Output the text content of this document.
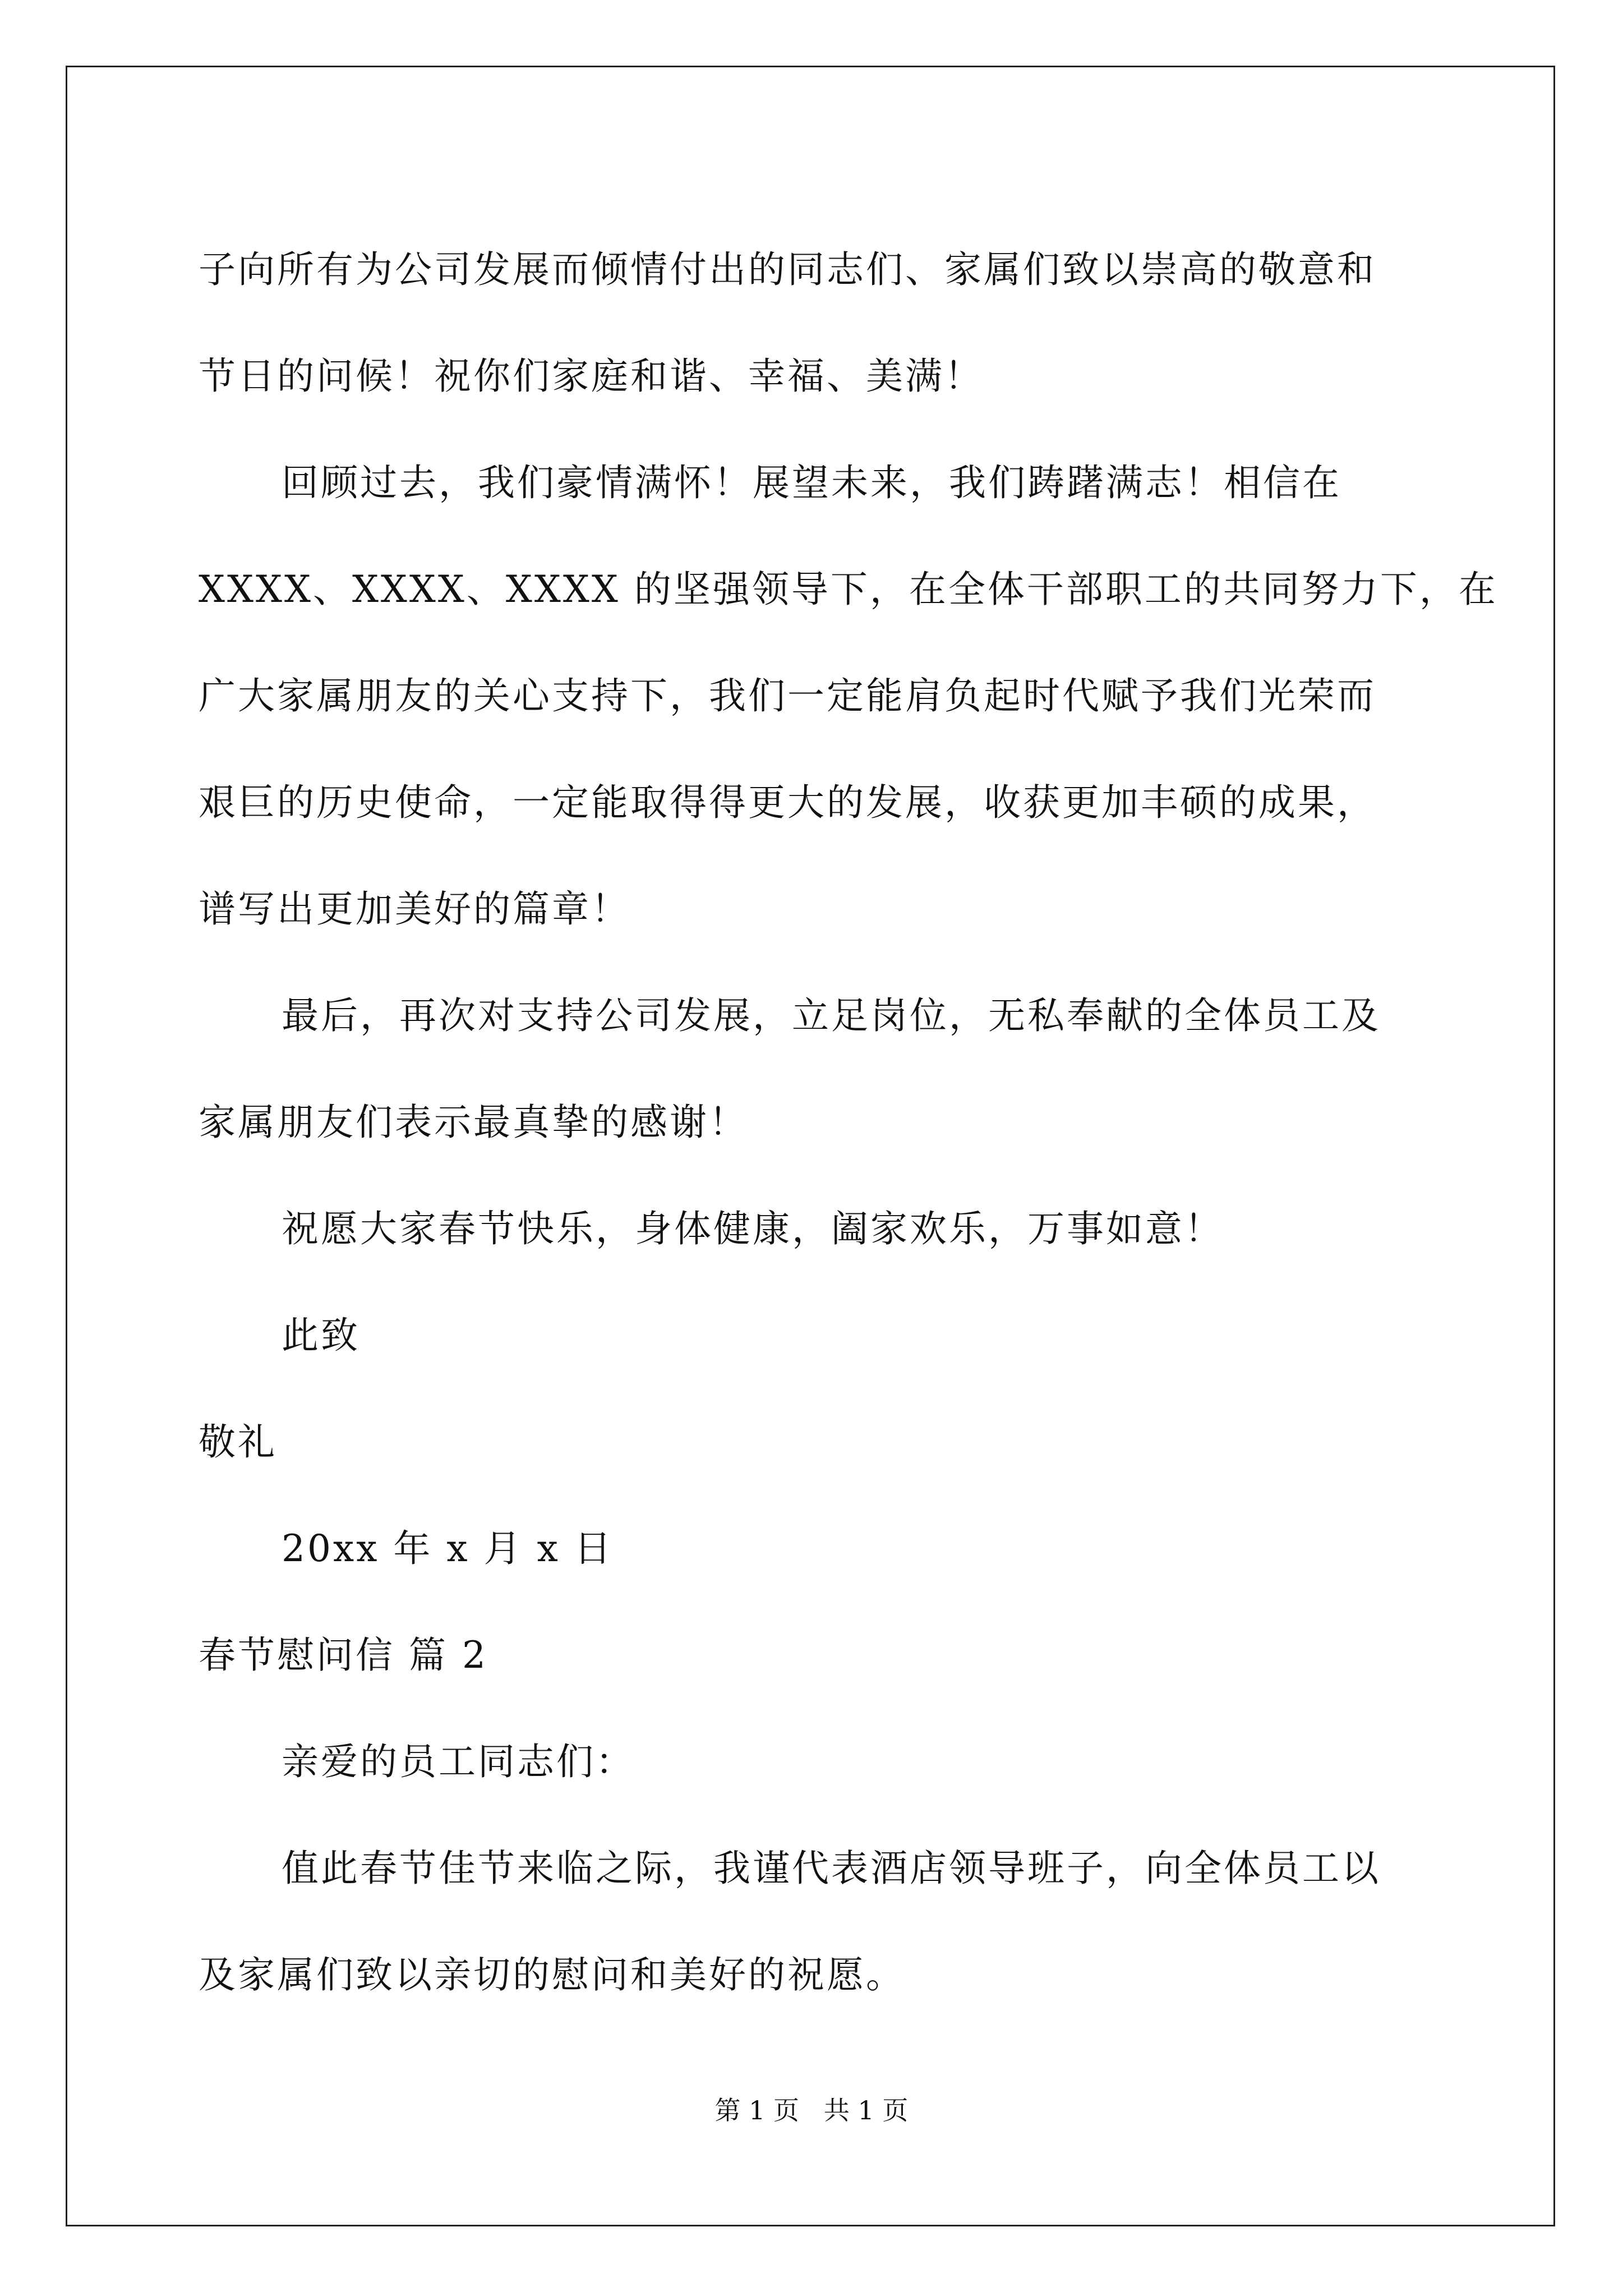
子向所有为公司发展而倾情付出的同志们、家属们致以崇高的敬意和
节日的问候！祝你们家庭和谐、幸福、美满！
回顾过去，我们豪情满怀！展望未来，我们踌躇满志！相信在
XXXX、XXXX、XXXX 的坚强领导下，在全体干部职工的共同努力下，在
广大家属朋友的关心支持下，我们一定能肩负起时代赋予我们光荣而
艰巨的历史使命，一定能取得得更大的发展，收获更加丰硕的成果，
谱写出更加美好的篇章！
最后，再次对支持公司发展，立足岗位，无私奉献的全体员工及
家属朋友们表示最真挚的感谢！
祝愿大家春节快乐，身体健康，阖家欢乐，万事如意！
此致
敬礼
20xx 年 x 月 x 日
春节慰问信 篇 2
亲爱的员工同志们：
值此春节佳节来临之际，我谨代表酒店领导班子，向全体员工以
及家属们致以亲切的慰问和美好的祝愿。
第 1 页   共 1 页
